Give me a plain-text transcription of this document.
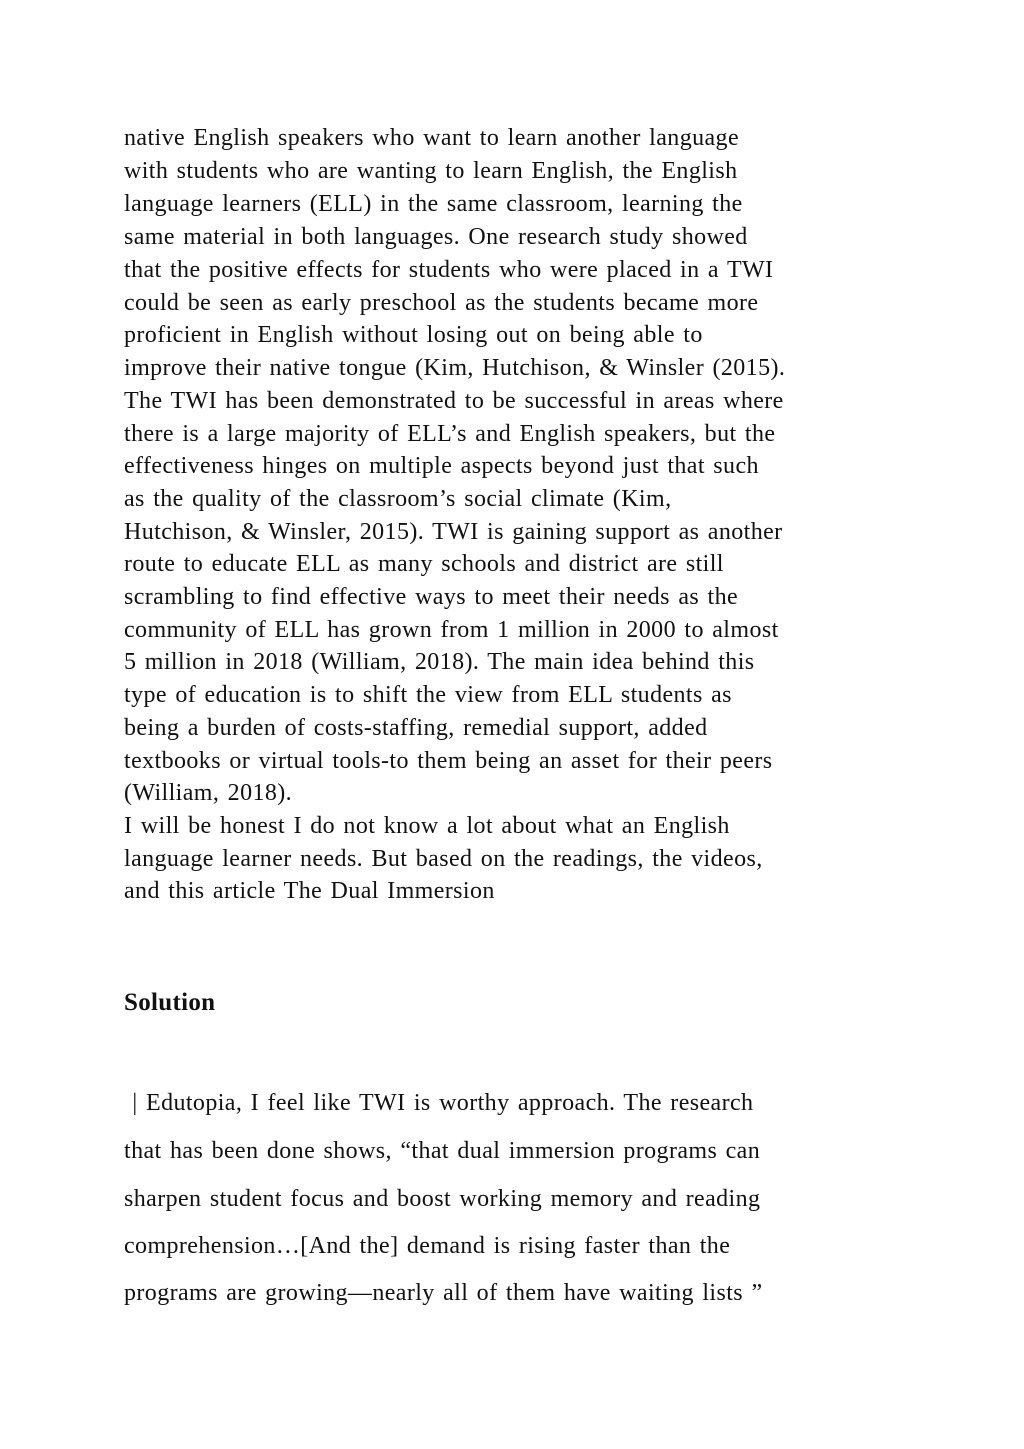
native English speakers who want to learn another language
with students who are wanting to learn English, the English
language learners (ELL) in the same classroom, learning the
same material in both languages. One research study showed
that the positive effects for students who were placed in a TWI
could be seen as early preschool as the students became more
proficient in English without losing out on being able to
improve their native tongue (Kim, Hutchison, & Winsler (2015).
The TWI has been demonstrated to be successful in areas where
there is a large majority of ELL’s and English speakers, but the
effectiveness hinges on multiple aspects beyond just that such
as the quality of the classroom’s social climate (Kim,
Hutchison, & Winsler, 2015). TWI is gaining support as another
route to educate ELL as many schools and district are still
scrambling to find effective ways to meet their needs as the
community of ELL has grown from 1 million in 2000 to almost
5 million in 2018 (William, 2018). The main idea behind this
type of education is to shift the view from ELL students as
being a burden of costs-staffing, remedial support, added
textbooks or virtual tools-to them being an asset for their peers
(William, 2018).
I will be honest I do not know a lot about what an English
language learner needs. But based on the readings, the videos,
and this article The Dual Immersion
Solution
| Edutopia, I feel like TWI is worthy approach. The research
that has been done shows, “that dual immersion programs can
sharpen student focus and boost working memory and reading
comprehension…[And the] demand is rising faster than the
programs are growing—nearly all of them have waiting lists ”
